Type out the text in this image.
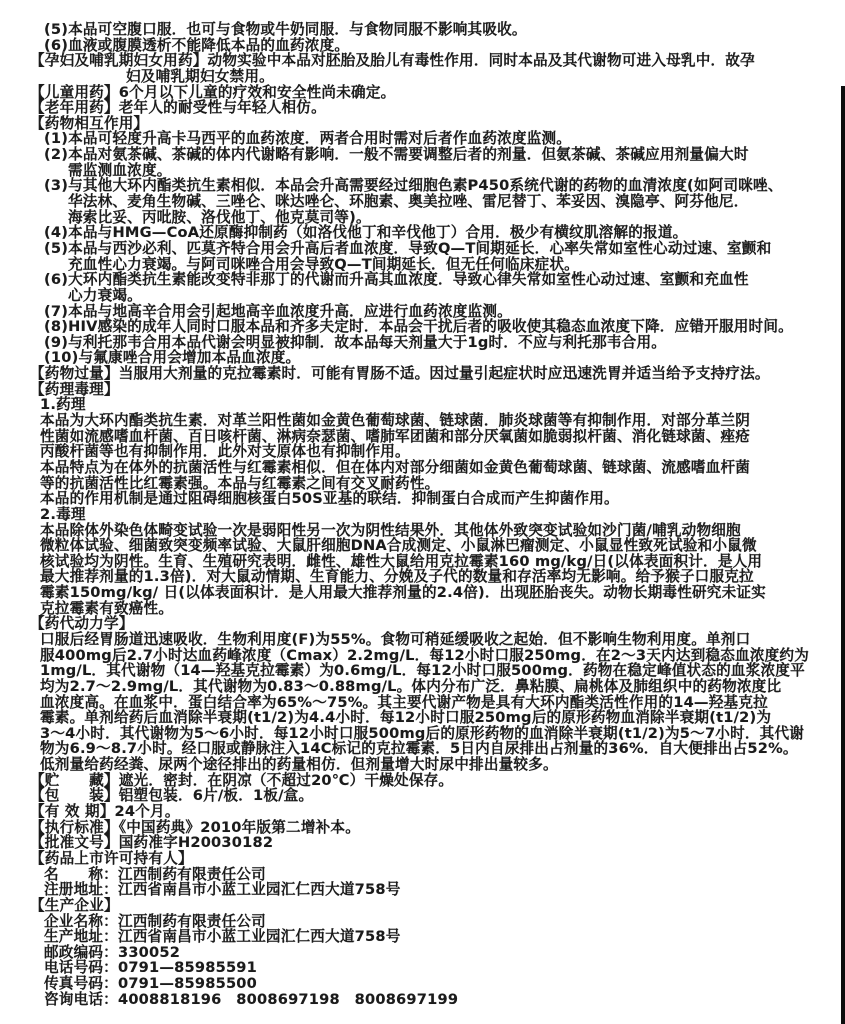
(5)本品可空腹口服．也可与食物或牛奶同服．与食物同服不影响其吸收。
(6)血液或腹膜透析不能降低本品的血药浓度。
【孕妇及哺乳期妇女用药】动物实验中本品对胚胎及胎儿有毒性作用．同时本品及其代谢物可进入母乳中．故孕
妇及哺乳期妇女禁用。
【儿童用药】6个月以下儿童的疗效和安全性尚未确定。
【老年用药】老年人的耐受性与年轻人相仿。
【药物相互作用】
(1)本品可轻度升高卡马西平的血药浓度．两者合用时需对后者作血药浓度监测。
(2)本品对氨茶碱、茶碱的体内代谢略有影响．一般不需要调整后者的剂量．但氨茶碱、茶碱应用剂量偏大时
需监测血浓度。
(3)与其他大环内酯类抗生素相似．本品会升高需要经过细胞色素P450系统代谢的药物的血清浓度(如阿司咪唑、
华法林、麦角生物碱、三唑仑、咪达唑仑、环胞素、奥美拉唑、雷尼替丁、苯妥因、溴隐亭、阿芬他尼．
海索比妥、丙吡胺、洛伐他丁、他克莫司等)。
(4)本品与HMG—CoA还原酶抑制药（如洛伐他丁和辛伐他丁）合用．极少有横纹肌溶解的报道。
(5)本品与西沙必利、匹莫齐特合用会升高后者血浓度．导致Q—T间期延长．心率失常如室性心动过速、室颤和
充血性心力衰竭。与阿司咪唑合用会导致Q—T间期延长．但无任何临床症状。
(6)大环内酯类抗生素能改变特非那丁的代谢而升高其血浓度．导致心律失常如室性心动过速、室颤和充血性
心力衰竭。
(7)本品与地高辛合用会引起地高辛血浓度升高．应进行血药浓度监测。
(8)HIV感染的成年人同时口服本品和齐多夫定时．本品会干扰后者的吸收使其稳态血浓度下降．应错开服用时间。
(9)与利托那韦合用本品代谢会明显被抑制．故本品每天剂量大于1g时．不应与利托那韦合用。
(10)与氟康唑合用会增加本品血浓度。
【药物过量】当服用大剂量的克拉霉素时．可能有胃肠不适。因过量引起症状时应迅速洗胃并适当给予支持疗法。
【药理毒理】
1.药理
本品为大环内酯类抗生素．对革兰阳性菌如金黄色葡萄球菌、链球菌．肺炎球菌等有抑制作用．对部分革兰阴
性菌如流感嗜血杆菌、百日咳杆菌、淋病奈瑟菌、嗜肺军团菌和部分厌氧菌如脆弱拟杆菌、消化链球菌、痤疮
丙酸杆菌等也有抑制作用．此外对支原体也有抑制作用。
本品特点为在体外的抗菌活性与红霉素相似．但在体内对部分细菌如金黄色葡萄球菌、链球菌、流感嗜血杆菌
等的抗菌活性比红霉素强。本品与红霉素之间有交叉耐药性。
本品的作用机制是通过阻碍细胞核蛋白50S亚基的联结．抑制蛋白合成而产生抑菌作用。
2.毒理
本品除体外染色体畸变试验一次是弱阳性另一次为阴性结果外．其他体外致突变试验如沙门菌/哺乳动物细胞
微粒体试验、细菌致突变频率试验、大鼠肝细胞DNA合成测定、小鼠淋巴瘤测定、小鼠显性致死试验和小鼠微
核试验均为阴性。生育、生殖研究表明．雌性、雄性大鼠给用克拉霉素160 mg/kg/日(以体表面积计．是人用
最大推荐剂量的1.3倍)．对大鼠动情期、生育能力、分娩及子代的数量和存活率均无影响。给予猴子口服克拉
霉素150mg/kg/ 日(以体表面积计．是人用最大推荐剂量的2.4倍)．出现胚胎丧失。动物长期毒性研究未证实
克拉霉素有致癌性。
【药代动力学】
口服后经胃肠道迅速吸收．生物利用度(F)为55%。食物可稍延缓吸收之起始．但不影响生物利用度。单剂口
服400mg后2.7小时达血药峰浓度（Cmax）2.2mg/L．每12小时口服250mg．在2～3天内达到稳态血浓度约为
1mg/L．其代谢物（14—羟基克拉霉素）为0.6mg/L．每12小时口服500mg．药物在稳定峰值状态的血浆浓度平
均为2.7～2.9mg/L．其代谢物为0.83～0.88mg/L。体内分布广泛．鼻粘膜、扁桃体及肺组织中的药物浓度比
血浓度高。在血浆中．蛋白结合率为65%～75%。其主要代谢产物是具有大环内酯类活性作用的14—羟基克拉
霉素。单剂给药后血消除半衰期(t1/2)为4.4小时．每12小时口服250mg后的原形药物血消除半衰期(t1/2)为
3～4小时．其代谢物为5～6小时．每12小时口服500mg后的原形药物的血消除半衰期(t1/2)为5～7小时．其代谢
物为6.9～8.7小时。经口服或静脉注入14C标记的克拉霉素．5日内自尿排出占剂量的36%．自大便排出占52%。
低剂量给药经粪、尿两个途径排出的药量相仿．但剂量增大时尿中排出量较多。
【贮　　藏】遮光．密封．在阴凉（不超过20℃）干燥处保存。
【包　　装】铝塑包装．6片/板．1板/盒。
【有 效 期】24个月。
【执行标准】《中国药典》2010年版第二增补本。
【批准文号】国药准字H20030182
【药品上市许可持有人】
名　　称：江西制药有限责任公司
注册地址：江西省南昌市小蓝工业园汇仁西大道758号
【生产企业】
企业名称：江西制药有限责任公司
生产地址：江西省南昌市小蓝工业园汇仁西大道758号
邮政编码：330052
电话号码：0791—85985591
传真号码：0791—85985500
咨询电话：4008818196　8008697198　8008697199
